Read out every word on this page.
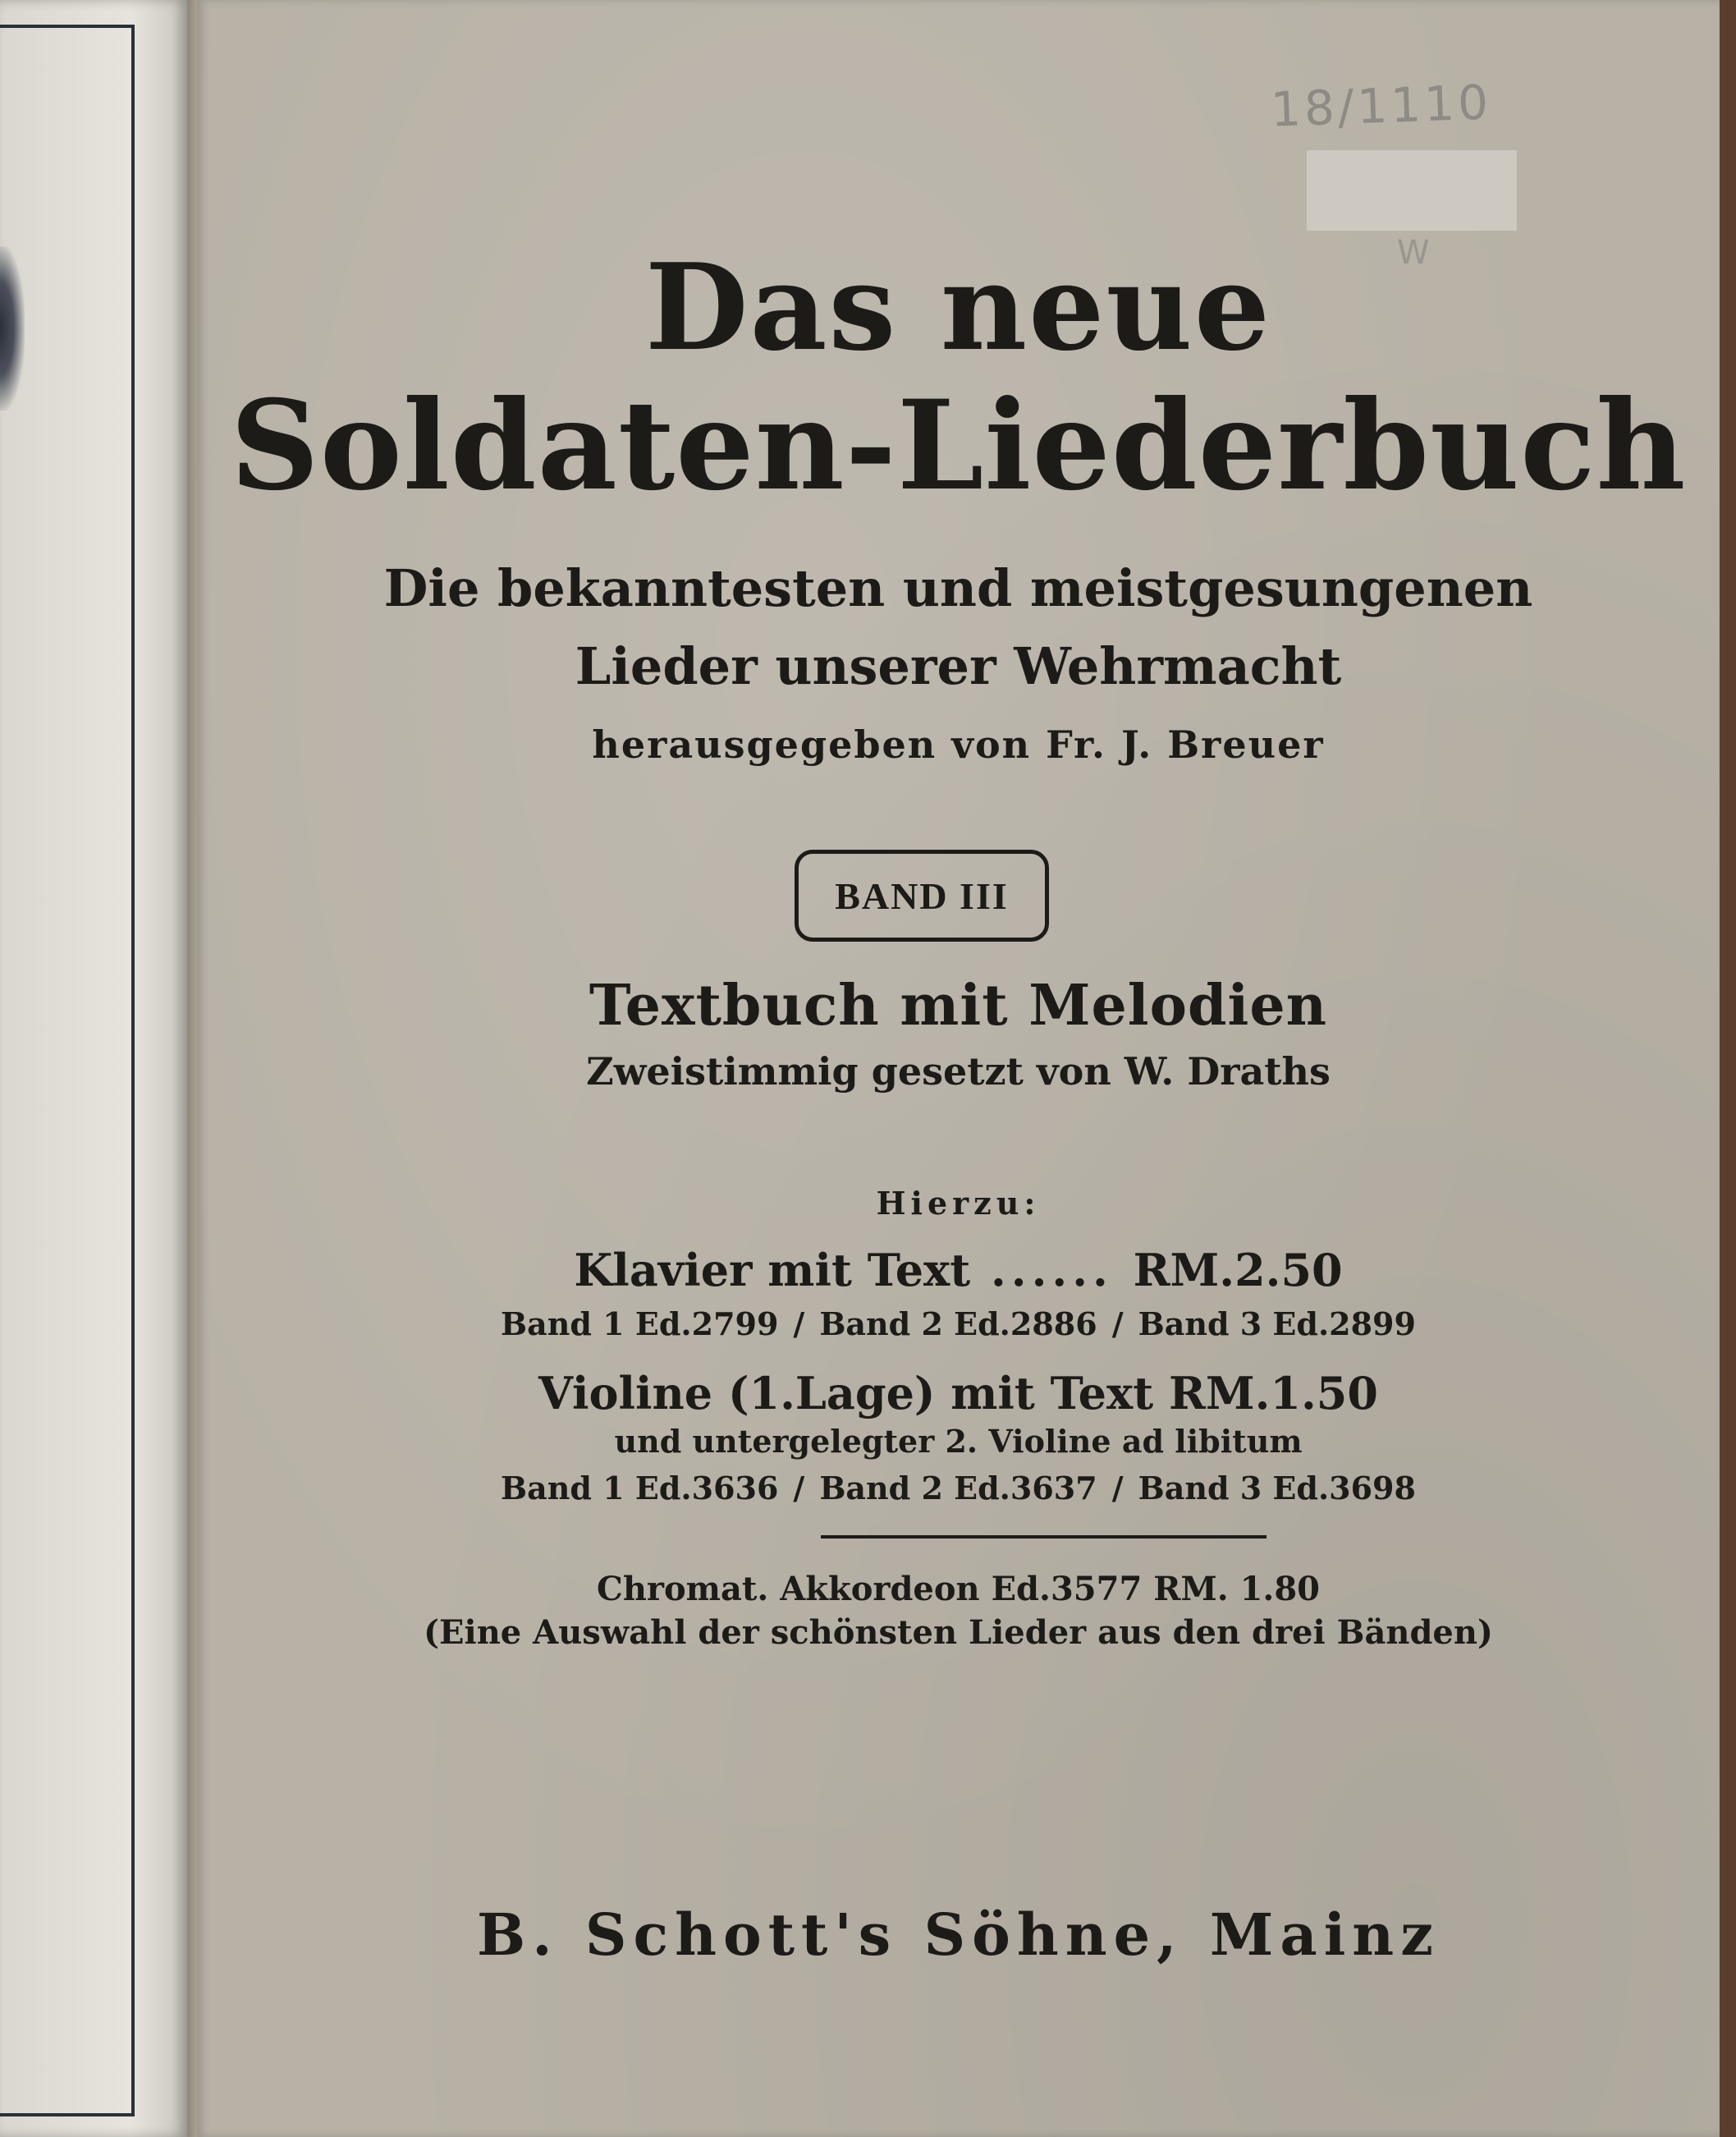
18/1110
W
Das neue
Soldaten-Liederbuch
Die bekanntesten und meistgesungenen
Lieder unserer Wehrmacht
herausgegeben von Fr. J. Breuer
BAND III
Textbuch mit Melodien
Zweistimmig gesetzt von W. Draths
Hierzu:
Klavier mit Text ...... RM.2.50
Band 1 Ed.2799 / Band 2 Ed.2886 / Band 3 Ed.2899
Violine (1.Lage) mit Text RM.1.50
und untergelegter 2. Violine ad libitum
Band 1 Ed.3636 / Band 2 Ed.3637 / Band 3 Ed.3698
Chromat. Akkordeon Ed.3577 RM. 1.80
(Eine Auswahl der schönsten Lieder aus den drei Bänden)
B. Schott's Söhne, Mainz
